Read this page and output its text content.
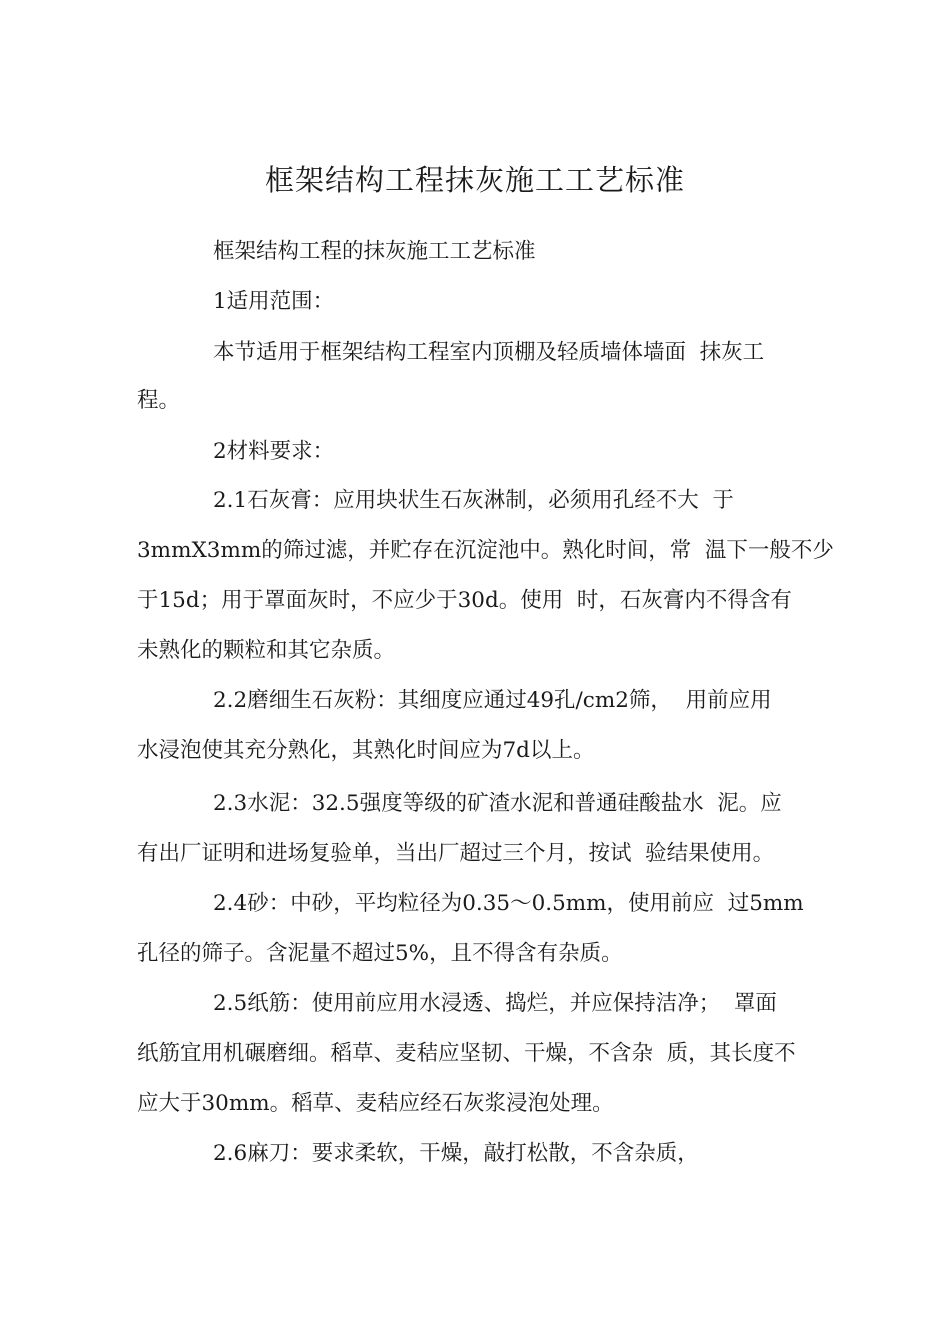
框架结构工程抹灰施工工艺标准
框架结构工程的抹灰施工工艺标准
1适用范围：
本节适用于框架结构工程室内顶棚及轻质墙体墙面  抹灰工
程。
2材料要求：
2.1石灰膏：应用块状生石灰淋制，必须用孔经不大  于
3mmX3mm的筛过滤，并贮存在沉淀池中。熟化时间，常  温下一般不少
于15d；用于罩面灰时，不应少于30d。使用  时，石灰膏内不得含有
未熟化的颗粒和其它杂质。
2.2磨细生石灰粉：其细度应通过49孔/cm2筛，  用前应用
水浸泡使其充分熟化，其熟化时间应为7d以上。
2.3水泥：32.5强度等级的矿渣水泥和普通硅酸盐水  泥。应
有出厂证明和进场复验单，当出厂超过三个月，按试  验结果使用。
2.4砂：中砂，平均粒径为0.35〜0.5mm，使用前应  过5mm
孔径的筛子。含泥量不超过5%，且不得含有杂质。
2.5纸筋：使用前应用水浸透、捣烂，并应保持洁净；  罩面
纸筋宜用机碾磨细。稻草、麦秸应坚韧、干燥，不含杂  质，其长度不
应大于30mm。稻草、麦秸应经石灰浆浸泡处理。
2.6麻刀：要求柔软，干燥，敲打松散，不含杂质，
